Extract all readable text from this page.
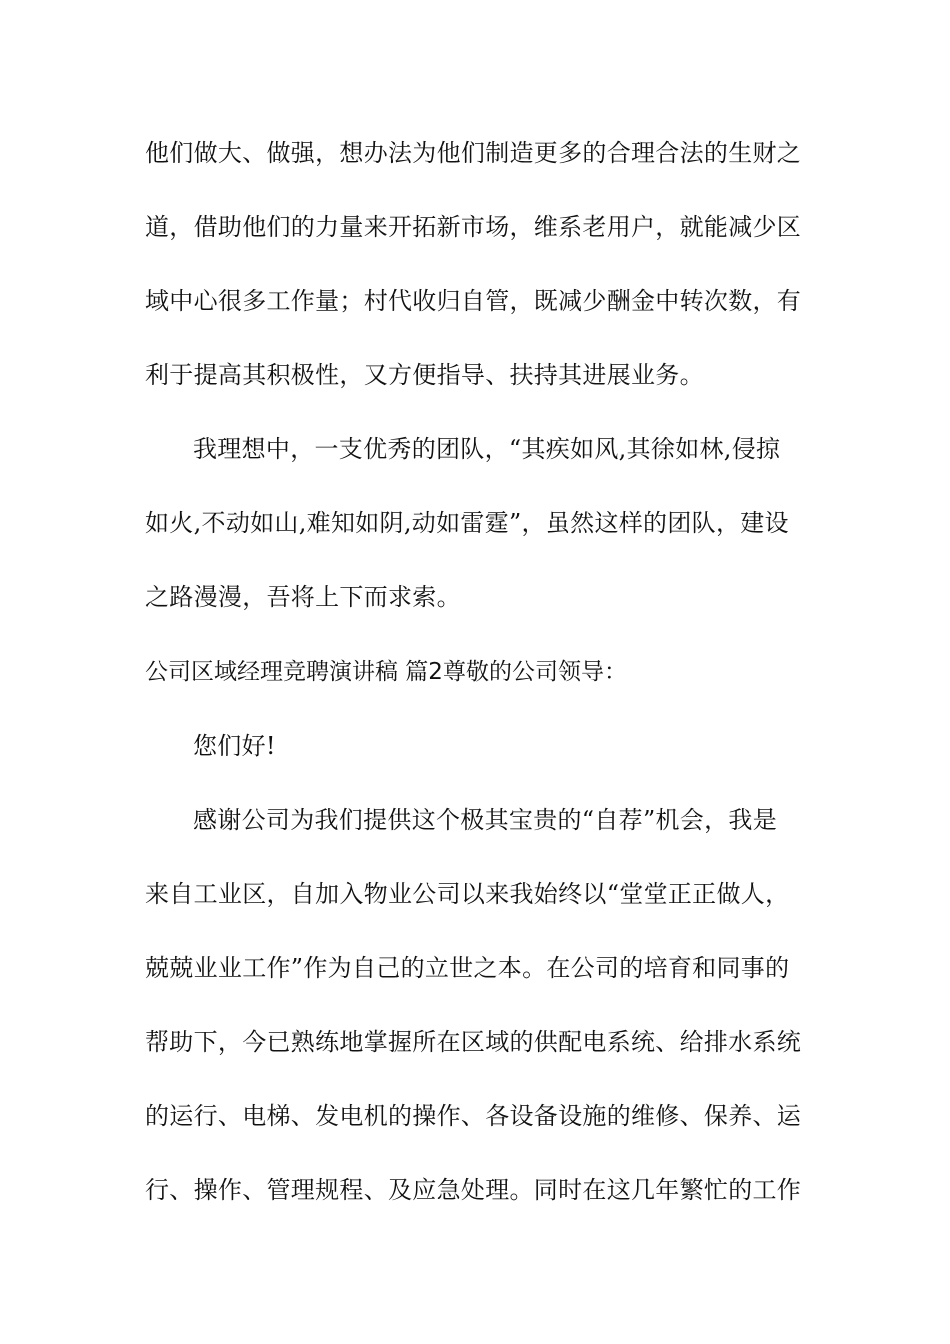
他们做大、做强，想办法为他们制造更多的合理合法的生财之
道，借助他们的力量来开拓新市场，维系老用户，就能减少区
域中心很多工作量；村代收归自管，既减少酬金中转次数，有
利于提高其积极性，又方便指导、扶持其进展业务。
我理想中，一支优秀的团队，“其疾如风,其徐如林,侵掠
如火,不动如山,难知如阴,动如雷霆”，虽然这样的团队，建设
之路漫漫，吾将上下而求索。
公司区域经理竞聘演讲稿 篇2尊敬的公司领导：
您们好!
感谢公司为我们提供这个极其宝贵的“自荐”机会，我是
来自工业区，自加入物业公司以来我始终以“堂堂正正做人，
兢兢业业工作”作为自己的立世之本。在公司的培育和同事的
帮助下，今已熟练地掌握所在区域的供配电系统、给排水系统
的运行、电梯、发电机的操作、各设备设施的维修、保养、运
行、操作、管理规程、及应急处理。同时在这几年繁忙的工作
